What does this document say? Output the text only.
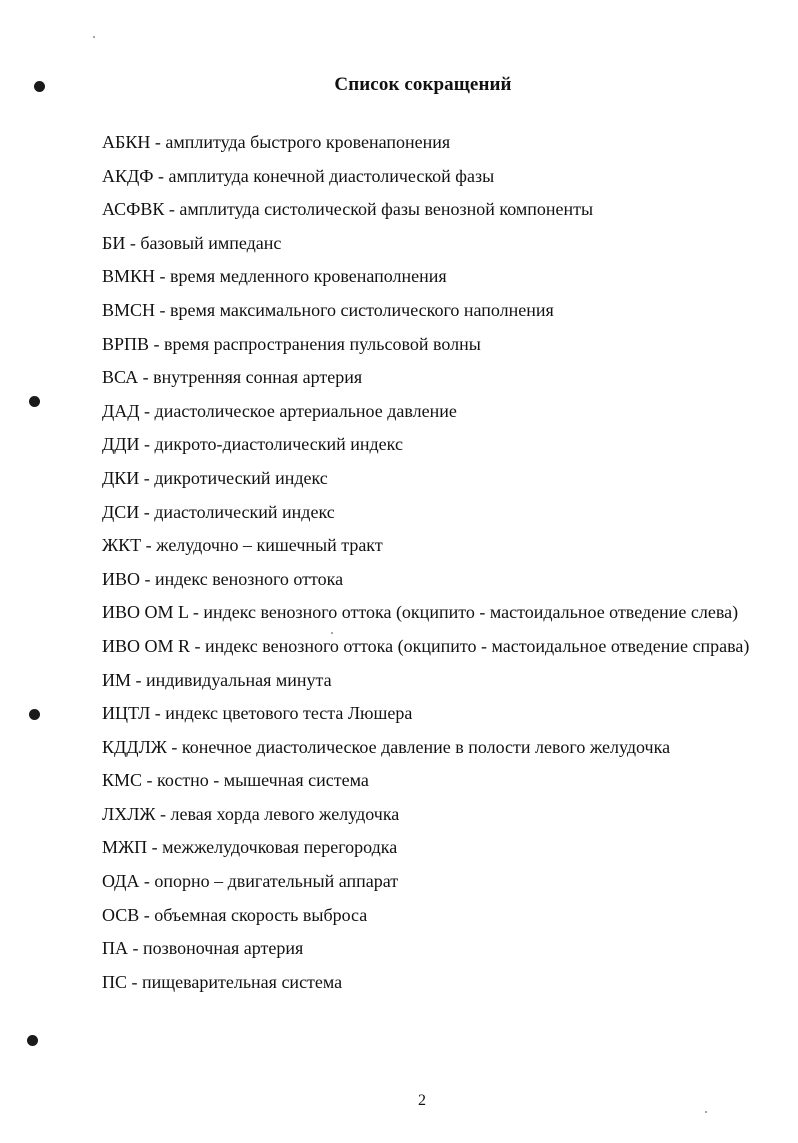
Список сокращений
АБКН - амплитуда быстрого кровенапонения
АКДФ - амплитуда конечной диастолической фазы
АСФВК - амплитуда систолической фазы венозной компоненты
БИ - базовый импеданс
ВМКН - время медленного кровенаполнения
ВМСН - время максимального систолического наполнения
ВРПВ - время распространения пульсовой волны
ВСА - внутренняя сонная артерия
ДАД - диастолическое артериальное давление
ДДИ - дикрото-диастолический индекс
ДКИ - дикротический индекс
ДСИ - диастолический индекс
ЖКТ - желудочно – кишечный тракт
ИВО - индекс венозного оттока
ИВО ОМ L - индекс венозного оттока (окципито - мастоидальное отведение слева)
ИВО ОМ R - индекс венозного оттока (окципито - мастоидальное отведение справа)
ИМ - индивидуальная минута
ИЦТЛ - индекс цветового теста Люшера
КДДЛЖ - конечное диастолическое давление в полости левого желудочка
КМС - костно - мышечная система
ЛХЛЖ - левая хорда левого желудочка
МЖП - межжелудочковая перегородка
ОДА - опорно – двигательный аппарат
ОСВ - объемная скорость выброса
ПА - позвоночная артерия
ПС - пищеварительная система
2
